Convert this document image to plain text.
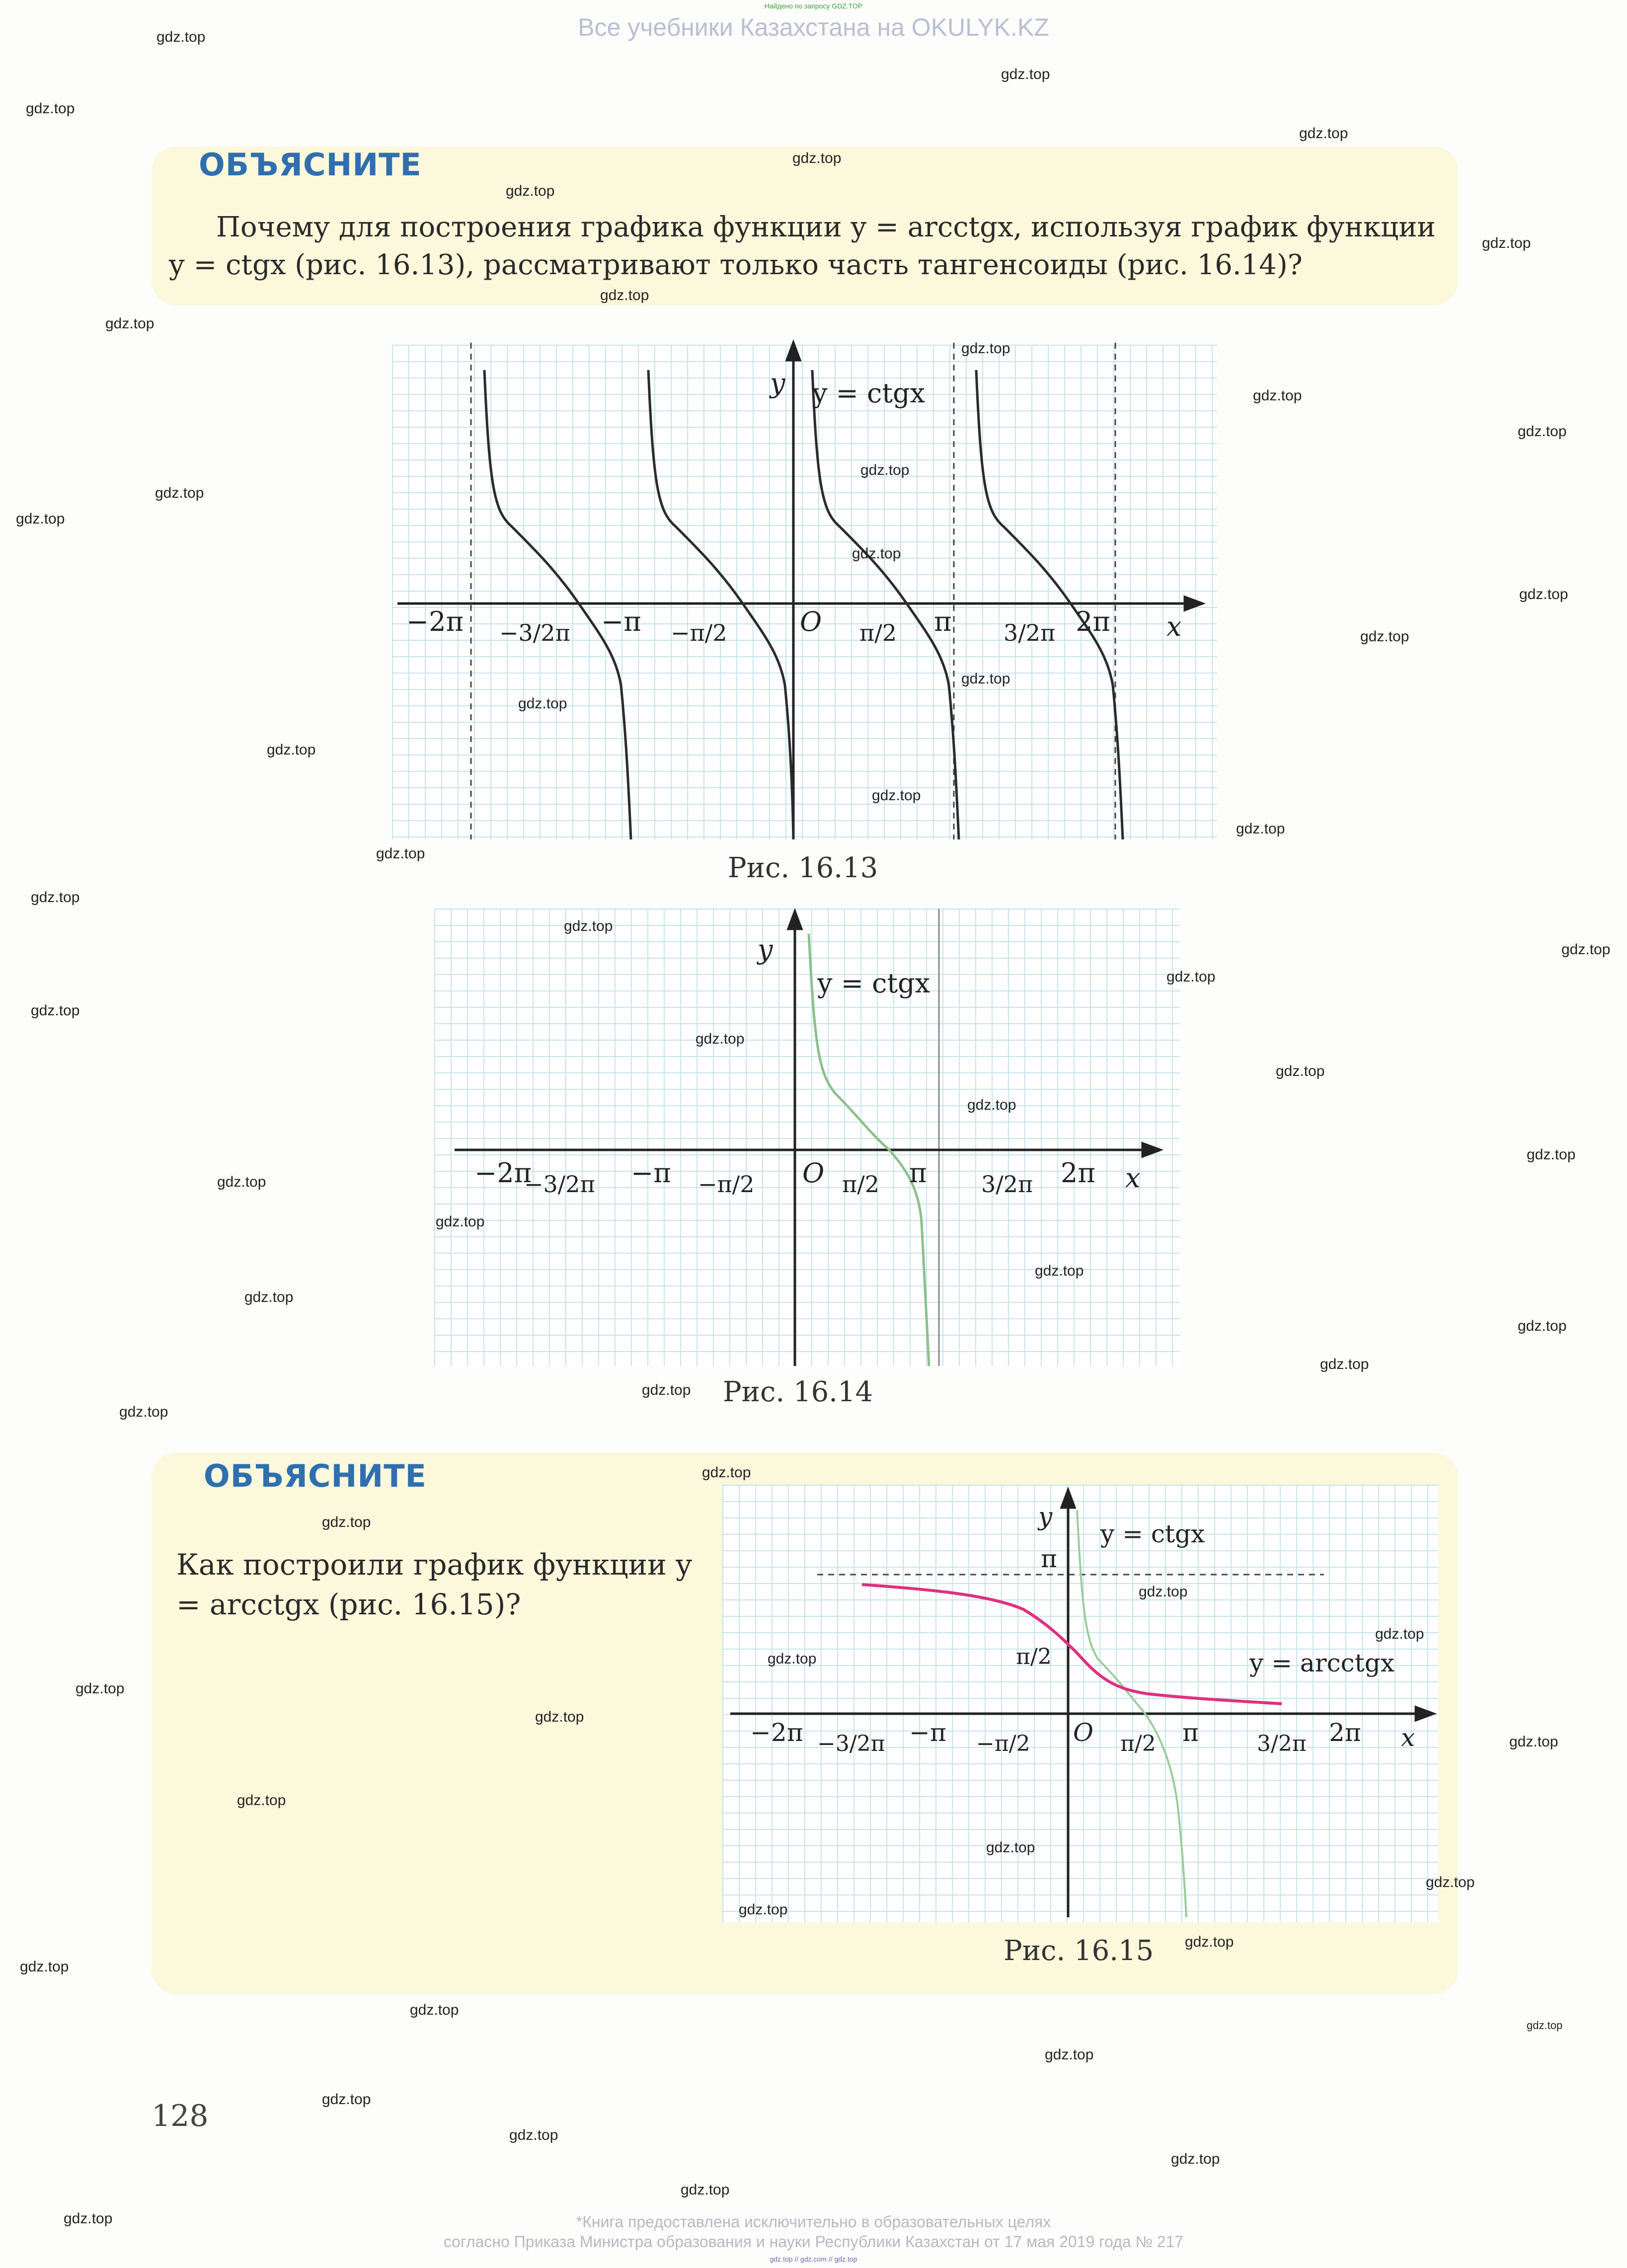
Найдено по запросу GDZ.TOP
Все учебники Казахстана на OKULYK.KZ
ОБЪЯСНИТЕ
Почему для построения графика функции y = arcctgx, используя график функции y = ctgx (рис. 16.13), рассматривают только часть тангенсоиды (рис. 16.14)?
y y = ctgx
x
O
−2π −3/2π −π −π/2	π/2 π 3/2π 2π
Рис. 16.13
y
y = ctgx
x
O
−2π
−3/2π −π −π/2	π/2 π 3/2π 2π
Рис. 16.14
ОБЪЯСНИТЕ
Как построили график функции y = arcctgx (рис. 16.15)?
y
y = ctgx
y = arcctgx
π
π/2
x
O
−2π −3/2π −π −π/2	π/2 π	3/2π 2π
Рис. 16.15
128
*Книга предоставлена исключительно в образовательных целях
согласно Приказа Министра образования и науки Республики Казахстан от 17 мая 2019 года № 217
gdz.top // gdz.com // gdz.top
gdz.top
gdz.top
gdz.top
gdz.top
gdz.top
gdz.top
gdz.top
gdz.top
gdz.top
gdz.top
gdz.top
gdz.top
gdz.top
gdz.top
gdz.top
gdz.top
gdz.top
gdz.top
gdz.top
gdz.top
gdz.top
gdz.top
gdz.top
gdz.top
gdz.top
gdz.top
gdz.top
gdz.top
gdz.top
gdz.top
gdz.top
gdz.top
gdz.top
gdz.top
gdz.top
gdz.top
gdz.top
gdz.top
gdz.top
gdz.top
gdz.top
gdz.top
gdz.top
gdz.top
gdz.top
gdz.top
gdz.top
gdz.top
gdz.top
gdz.top
gdz.top
gdz.top
gdz.top
gdz.top
gdz.top
gdz.top
gdz.top
gdz.top
gdz.top
gdz.top
gdz.top
gdz.top
gdz.top
